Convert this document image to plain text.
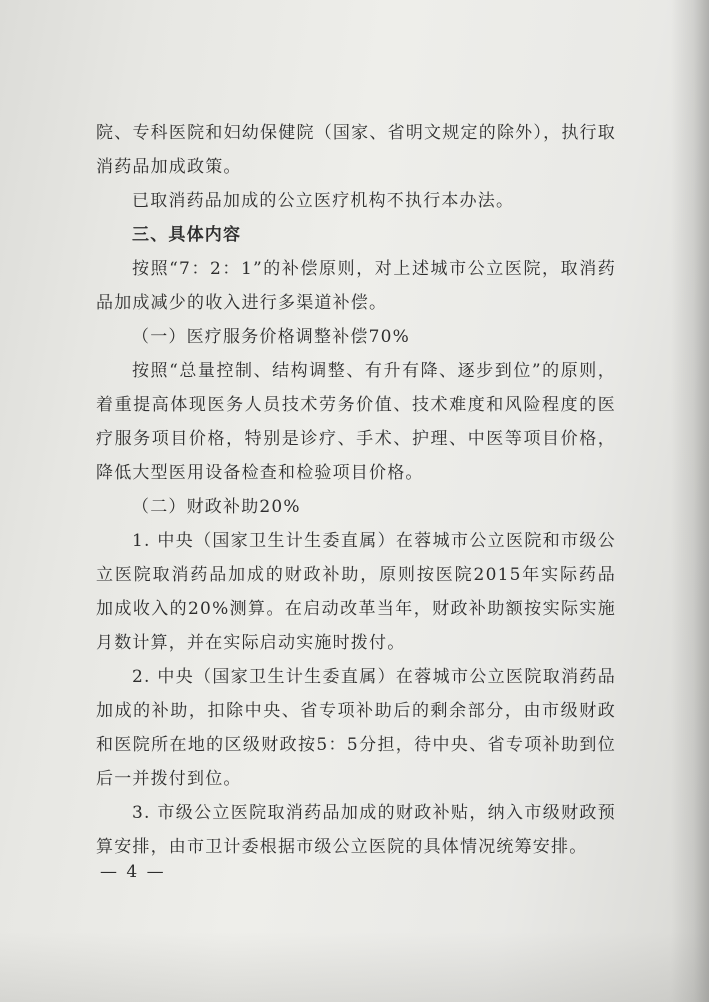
院、专科医院和妇幼保健院（国家、省明文规定的除外），执行取消药品加成政策。

已取消药品加成的公立医疗机构不执行本办法。

三、具体内容

按照“7：2：1”的补偿原则，对上述城市公立医院，取消药品加成减少的收入进行多渠道补偿。

（一）医疗服务价格调整补偿70%

按照“总量控制、结构调整、有升有降、逐步到位”的原则，着重提高体现医务人员技术劳务价值、技术难度和风险程度的医疗服务项目价格，特别是诊疗、手术、护理、中医等项目价格，降低大型医用设备检查和检验项目价格。

（二）财政补助20%

1. 中央（国家卫生计生委直属）在蓉城市公立医院和市级公立医院取消药品加成的财政补助，原则按医院2015年实际药品加成收入的20%测算。在启动改革当年，财政补助额按实际实施月数计算，并在实际启动实施时拨付。

2. 中央（国家卫生计生委直属）在蓉城市公立医院取消药品加成的补助，扣除中央、省专项补助后的剩余部分，由市级财政和医院所在地的区级财政按5：5分担，待中央、省专项补助到位后一并拨付到位。

3. 市级公立医院取消药品加成的财政补贴，纳入市级财政预算安排，由市卫计委根据市级公立医院的具体情况统筹安排。

— 4 —
